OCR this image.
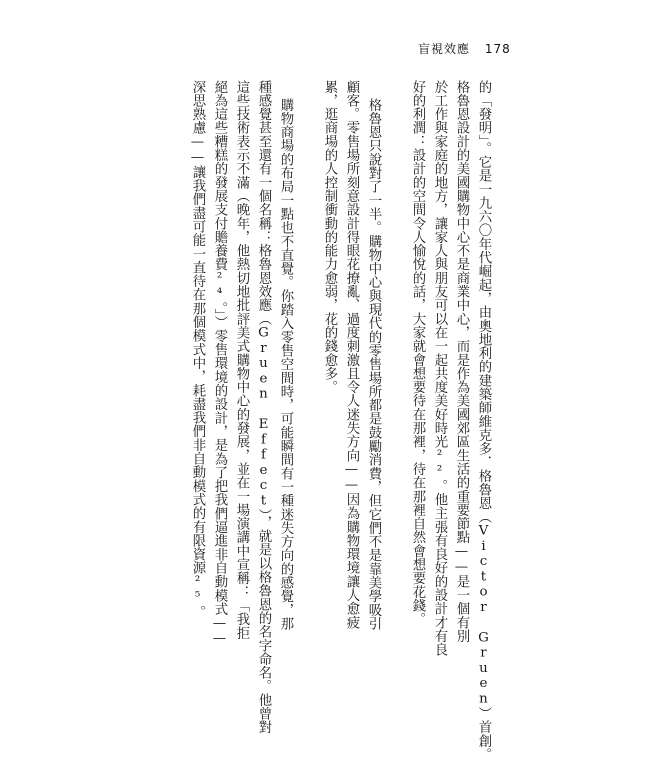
盲視效應 178
的「發明」。它是一九六〇年代崛起，由奧地利的建築師維克多．格魯恩（Victor Gruen）首創。
格魯恩設計的美國購物中心不是商業中心，而是作為美國郊區生活的重要節點——是一個有別
於工作與家庭的地方，讓家人與朋友可以在一起共度美好時光²²。他主張有良好的設計才有良
好的利潤：設計的空間令人愉悅的話，大家就會想要待在那裡，待在那裡自然會想要花錢。
格魯恩只說對了一半。購物中心與現代的零售場所都是鼓勵消費，但它們不是靠美學吸引
顧客。零售場所刻意設計得眼花撩亂、過度刺激且令人迷失方向——因為購物環境讓人愈疲
累，逛商場的人控制衝動的能力愈弱，花的錢愈多。
購物商場的布局一點也不直覺。你踏入零售空間時，可能瞬間有一種迷失方向的感覺，那
種感覺甚至還有一個名稱：格魯恩效應（Gruen Effect），就是以格魯恩的名字命名。他曾對
這些技術表示不滿（晚年，他熱切地批評美式購物中心的發展，並在一場演講中宣稱：「我拒
絕為這些糟糕的發展支付贍養費²⁴。」）零售環境的設計，是為了把我們逼進非自動模式——
深思熟慮——讓我們盡可能一直待在那個模式中，耗盡我們非自動模式的有限資源²⁵。
